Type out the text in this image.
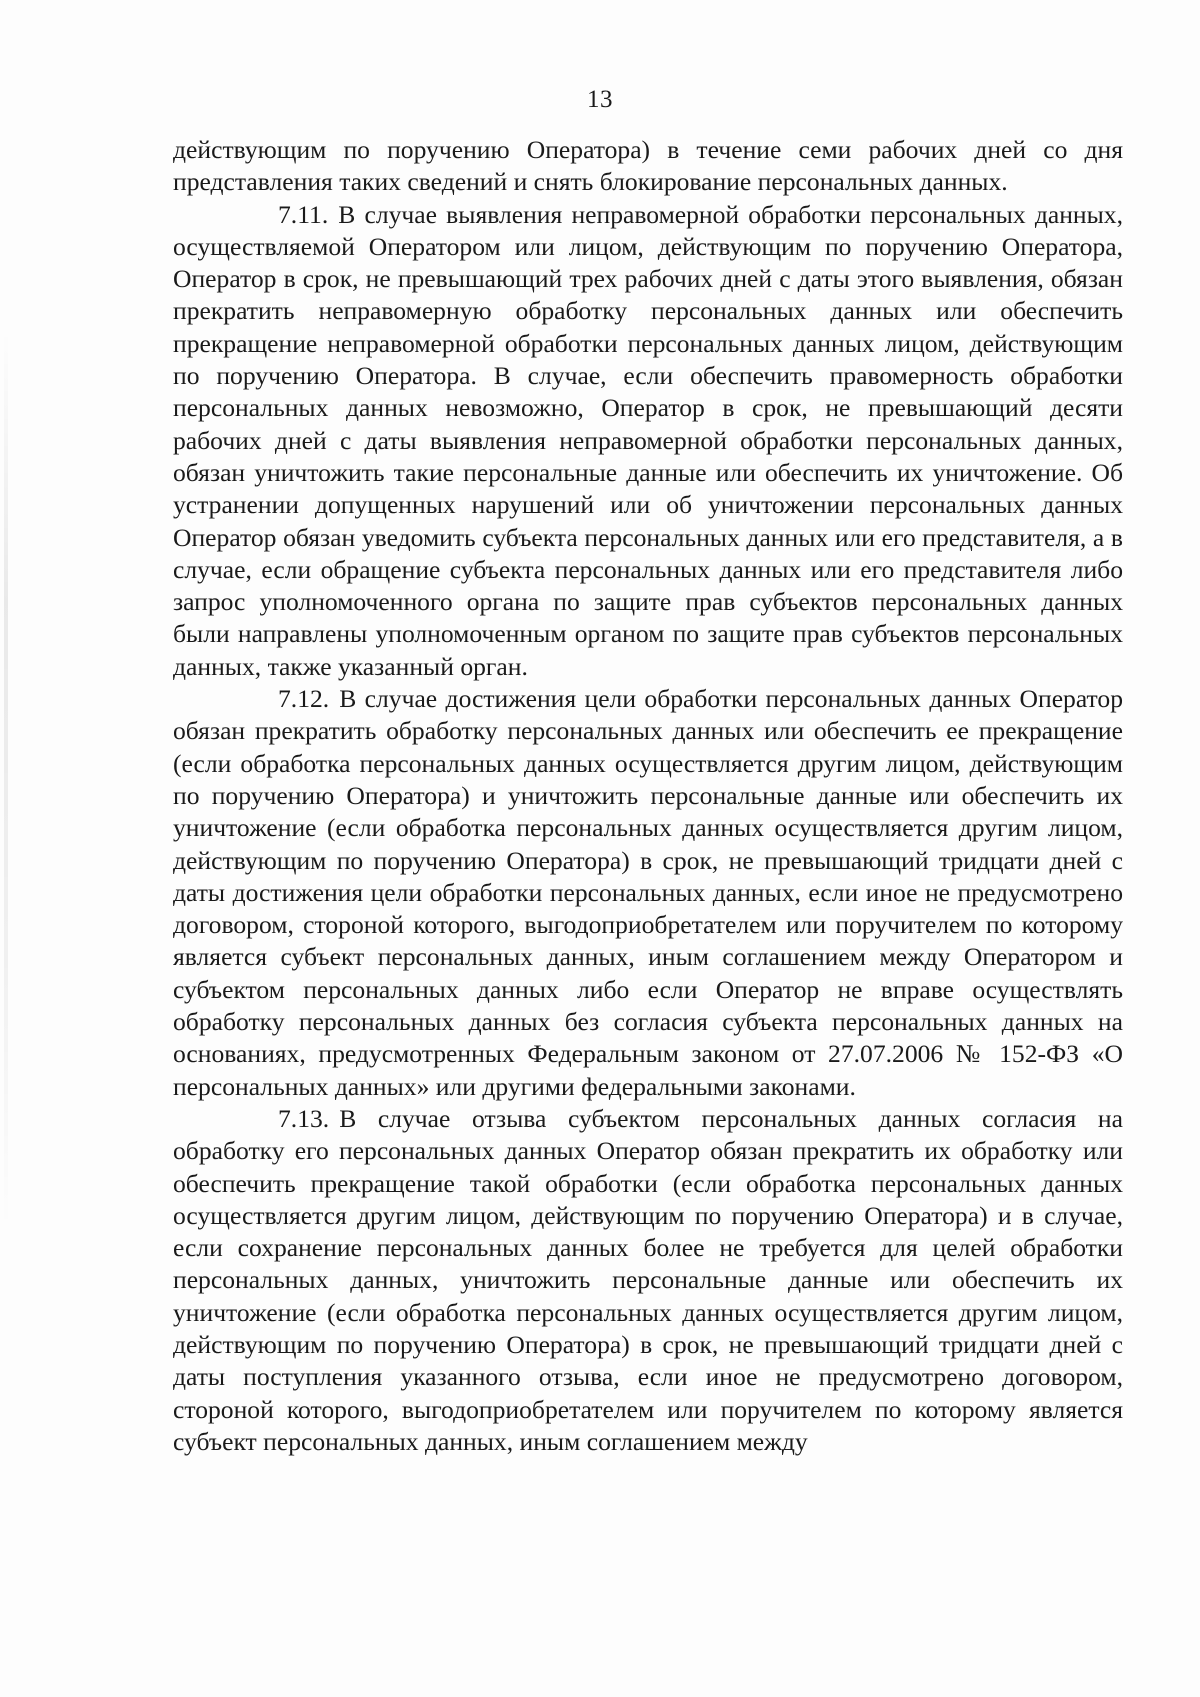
13

действующим по поручению Оператора) в течение семи рабочих дней со дня представления таких сведений и снять блокирование персональных данных.

7.11. В случае выявления неправомерной обработки персональных данных, осуществляемой Оператором или лицом, действующим по поручению Оператора, Оператор в срок, не превышающий трех рабочих дней с даты этого выявления, обязан прекратить неправомерную обработку персональных данных или обеспечить прекращение неправомерной обработки персональных данных лицом, действующим по поручению Оператора. В случае, если обеспечить правомерность обработки персональных данных невозможно, Оператор в срок, не превышающий десяти рабочих дней с даты выявления неправомерной обработки персональных данных, обязан уничтожить такие персональные данные или обеспечить их уничтожение. Об устранении допущенных нарушений или об уничтожении персональных данных Оператор обязан уведомить субъекта персональных данных или его представителя, а в случае, если обращение субъекта персональных данных или его представителя либо запрос уполномоченного органа по защите прав субъектов персональных данных были направлены уполномоченным органом по защите прав субъектов персональных данных, также указанный орган.

7.12. В случае достижения цели обработки персональных данных Оператор обязан прекратить обработку персональных данных или обеспечить ее прекращение (если обработка персональных данных осуществляется другим лицом, действующим по поручению Оператора) и уничтожить персональные данные или обеспечить их уничтожение (если обработка персональных данных осуществляется другим лицом, действующим по поручению Оператора) в срок, не превышающий тридцати дней с даты достижения цели обработки персональных данных, если иное не предусмотрено договором, стороной которого, выгодоприобретателем или поручителем по которому является субъект персональных данных, иным соглашением между Оператором и субъектом персональных данных либо если Оператор не вправе осуществлять обработку персональных данных без согласия субъекта персональных данных на основаниях, предусмотренных Федеральным законом от 27.07.2006 № 152-ФЗ «О персональных данных» или другими федеральными законами.

7.13. В случае отзыва субъектом персональных данных согласия на обработку его персональных данных Оператор обязан прекратить их обработку или обеспечить прекращение такой обработки (если обработка персональных данных осуществляется другим лицом, действующим по поручению Оператора) и в случае, если сохранение персональных данных более не требуется для целей обработки персональных данных, уничтожить персональные данные или обеспечить их уничтожение (если обработка персональных данных осуществляется другим лицом, действующим по поручению Оператора) в срок, не превышающий тридцати дней с даты поступления указанного отзыва, если иное не предусмотрено договором, стороной которого, выгодоприобретателем или поручителем по которому является субъект персональных данных, иным соглашением между
